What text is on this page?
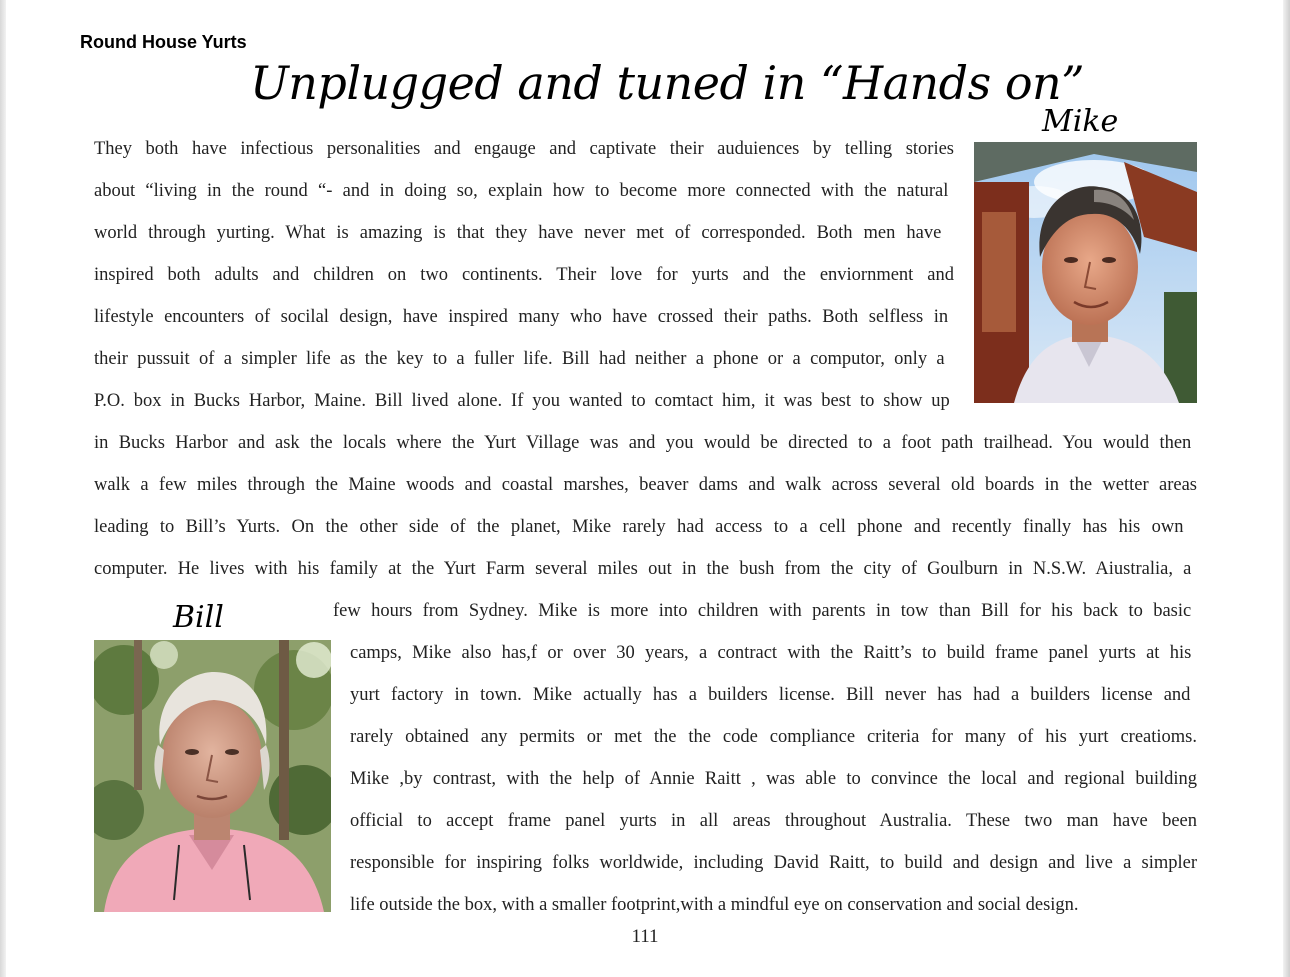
Round House Yurts
Unplugged and tuned in “Hands on”
Mike
Bill
They both have infectious personalities and engauge and captivate their auduiences by telling stories
about “living in the round “- and in doing so, explain how to become more connected with the natural
world through yurting. What is amazing is that they have never met of corresponded. Both men have
inspired both adults and children on two continents. Their love for yurts and the enviornment and
lifestyle encounters of socilal design, have inspired many who have crossed their paths. Both selfless in
their pussuit of a simpler life as the key to a fuller life. Bill had neither a phone or a computor, only a
P.O. box in Bucks Harbor, Maine. Bill lived alone. If you wanted to comtact him, it was best to show up
in Bucks Harbor and ask the locals where the Yurt Village was and you would be directed to a foot path trailhead. You would then
walk a few miles through the Maine woods and coastal marshes, beaver dams and walk across several old boards in the wetter areas
leading to Bill’s Yurts. On the other side of the planet, Mike rarely had access to a cell phone and recently finally has his own
computer. He lives with his family at the Yurt Farm several miles out in the bush from the city of Goulburn in N.S.W. Aiustralia, a
few hours from Sydney. Mike is more into children with parents in tow than Bill for his back to basic
camps, Mike also has,f or over 30 years, a contract with the Raitt’s to build frame panel yurts at his
yurt factory in town. Mike actually has a builders license. Bill never has had a builders license and
rarely obtained any permits or met the the code compliance criteria for many of his yurt creatioms.
Mike ,by contrast, with the help of Annie Raitt , was able to convince the local and regional building
official to accept frame panel yurts in all areas throughout Australia. These two man have been
responsible for inspiring folks worldwide, including David Raitt, to build and design and live a simpler
life outside the box, with a smaller footprint,with a mindful eye on conservation and social design.
111
